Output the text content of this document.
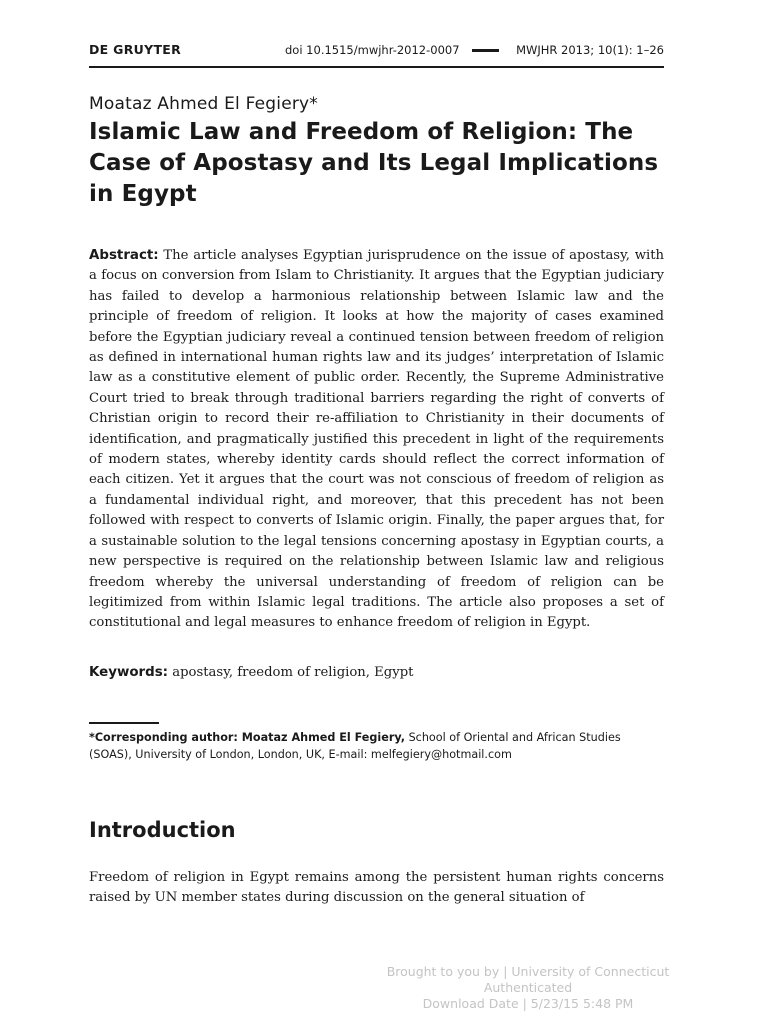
DE GRUYTER	doi 10.1515/mwjhr-2012-0007	MWJHR 2013; 10(1): 1–26
Moataz Ahmed El Fegiery*
Islamic Law and Freedom of Religion: The Case of Apostasy and Its Legal Implications in Egypt

Abstract: The article analyses Egyptian jurisprudence on the issue of apostasy, with a focus on conversion from Islam to Christianity. It argues that the Egyptian judiciary has failed to develop a harmonious relationship between Islamic law and the principle of freedom of religion. It looks at how the majority of cases examined before the Egyptian judiciary reveal a continued tension between freedom of religion as defined in international human rights law and its judges’ interpretation of Islamic law as a constitutive element of public order. Recently, the Supreme Administrative Court tried to break through traditional barriers regarding the right of converts of Christian origin to record their re-affiliation to Christianity in their documents of identification, and pragmatically justified this precedent in light of the requirements of modern states, whereby identity cards should reflect the correct information of each citizen. Yet it argues that the court was not conscious of freedom of religion as a fundamental individual right, and moreover, that this precedent has not been followed with respect to converts of Islamic origin. Finally, the paper argues that, for a sustainable solution to the legal tensions concerning apostasy in Egyptian courts, a new perspective is required on the relationship between Islamic law and religious freedom whereby the universal understanding of freedom of religion can be legitimized from within Islamic legal traditions. The article also proposes a set of constitutional and legal measures to enhance freedom of religion in Egypt.

Keywords: apostasy, freedom of religion, Egypt

*Corresponding author: Moataz Ahmed El Fegiery, School of Oriental and African Studies (SOAS), University of London, London, UK, E-mail: melfegiery@hotmail.com

Introduction

Freedom of religion in Egypt remains among the persistent human rights concerns raised by UN member states during discussion on the general situation of

Brought to you by | University of Connecticut
Authenticated
Download Date | 5/23/15 5:48 PM
